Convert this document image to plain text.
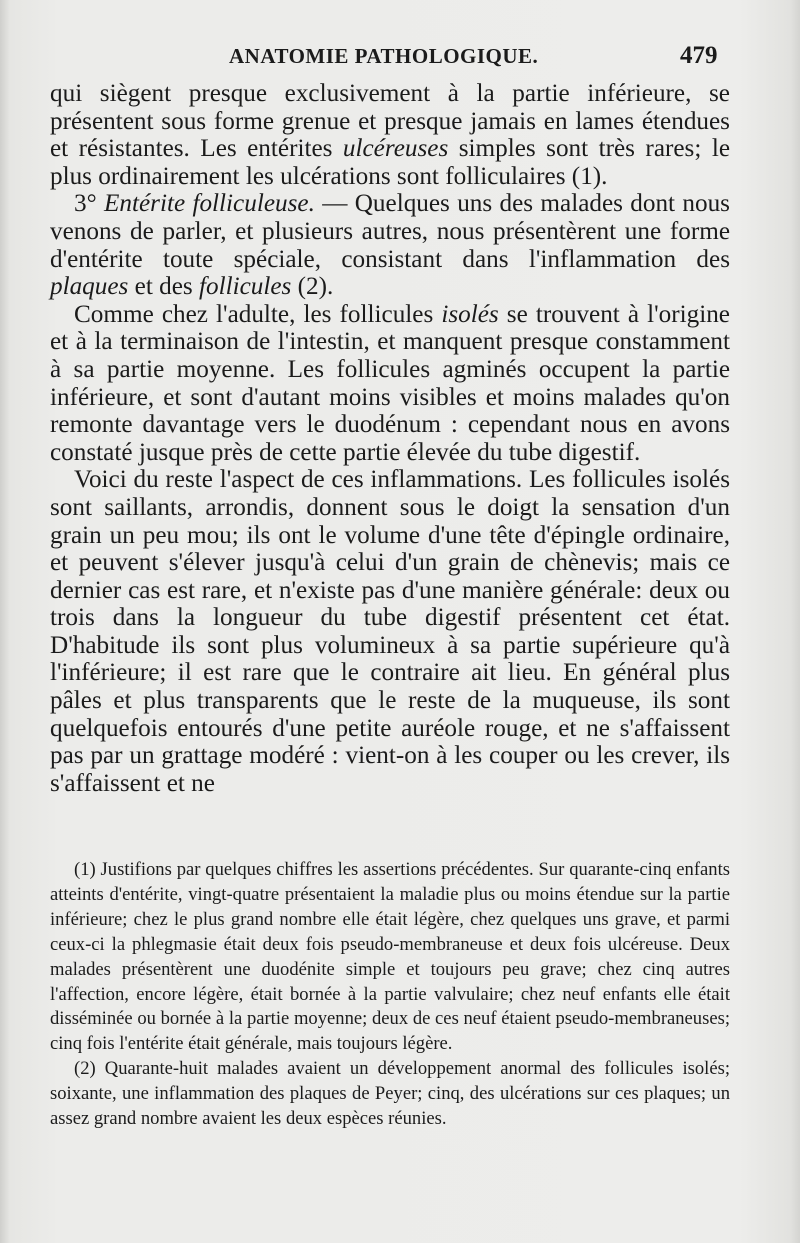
ANATOMIE PATHOLOGIQUE.	479

qui siègent presque exclusivement à la partie inférieure, se présentent sous forme grenue et presque jamais en lames étendues et résistantes. Les entérites ulcéreuses simples sont très rares; le plus ordinairement les ulcérations sont folliculaires (1).

3° Entérite folliculeuse. — Quelques uns des malades dont nous venons de parler, et plusieurs autres, nous présentèrent une forme d'entérite toute spéciale, consistant dans l'inflammation des plaques et des follicules (2).

Comme chez l'adulte, les follicules isolés se trouvent à l'origine et à la terminaison de l'intestin, et manquent presque constamment à sa partie moyenne. Les follicules agminés occupent la partie inférieure, et sont d'autant moins visibles et moins malades qu'on remonte davantage vers le duodénum : cependant nous en avons constaté jusque près de cette partie élevée du tube digestif.

Voici du reste l'aspect de ces inflammations. Les follicules isolés sont saillants, arrondis, donnent sous le doigt la sensation d'un grain un peu mou; ils ont le volume d'une tête d'épingle ordinaire, et peuvent s'élever jusqu'à celui d'un grain de chènevis; mais ce dernier cas est rare, et n'existe pas d'une manière générale: deux ou trois dans la longueur du tube digestif présentent cet état. D'habitude ils sont plus volumineux à sa partie supérieure qu'à l'inférieure; il est rare que le contraire ait lieu. En général plus pâles et plus transparents que le reste de la muqueuse, ils sont quelquefois entourés d'une petite auréole rouge, et ne s'affaissent pas par un grattage modéré : vient-on à les couper ou les crever, ils s'affaissent et ne

(1) Justifions par quelques chiffres les assertions précédentes. Sur quarante-cinq enfants atteints d'entérite, vingt-quatre présentaient la maladie plus ou moins étendue sur la partie inférieure; chez le plus grand nombre elle était légère, chez quelques uns grave, et parmi ceux-ci la phlegmasie était deux fois pseudo-membraneuse et deux fois ulcéreuse. Deux malades présentèrent une duodénite simple et toujours peu grave; chez cinq autres l'affection, encore légère, était bornée à la partie valvulaire; chez neuf enfants elle était disséminée ou bornée à la partie moyenne; deux de ces neuf étaient pseudo-membraneuses; cinq fois l'entérite était générale, mais toujours légère.

(2) Quarante-huit malades avaient un développement anormal des follicules isolés; soixante, une inflammation des plaques de Peyer; cinq, des ulcérations sur ces plaques; un assez grand nombre avaient les deux espèces réunies.
